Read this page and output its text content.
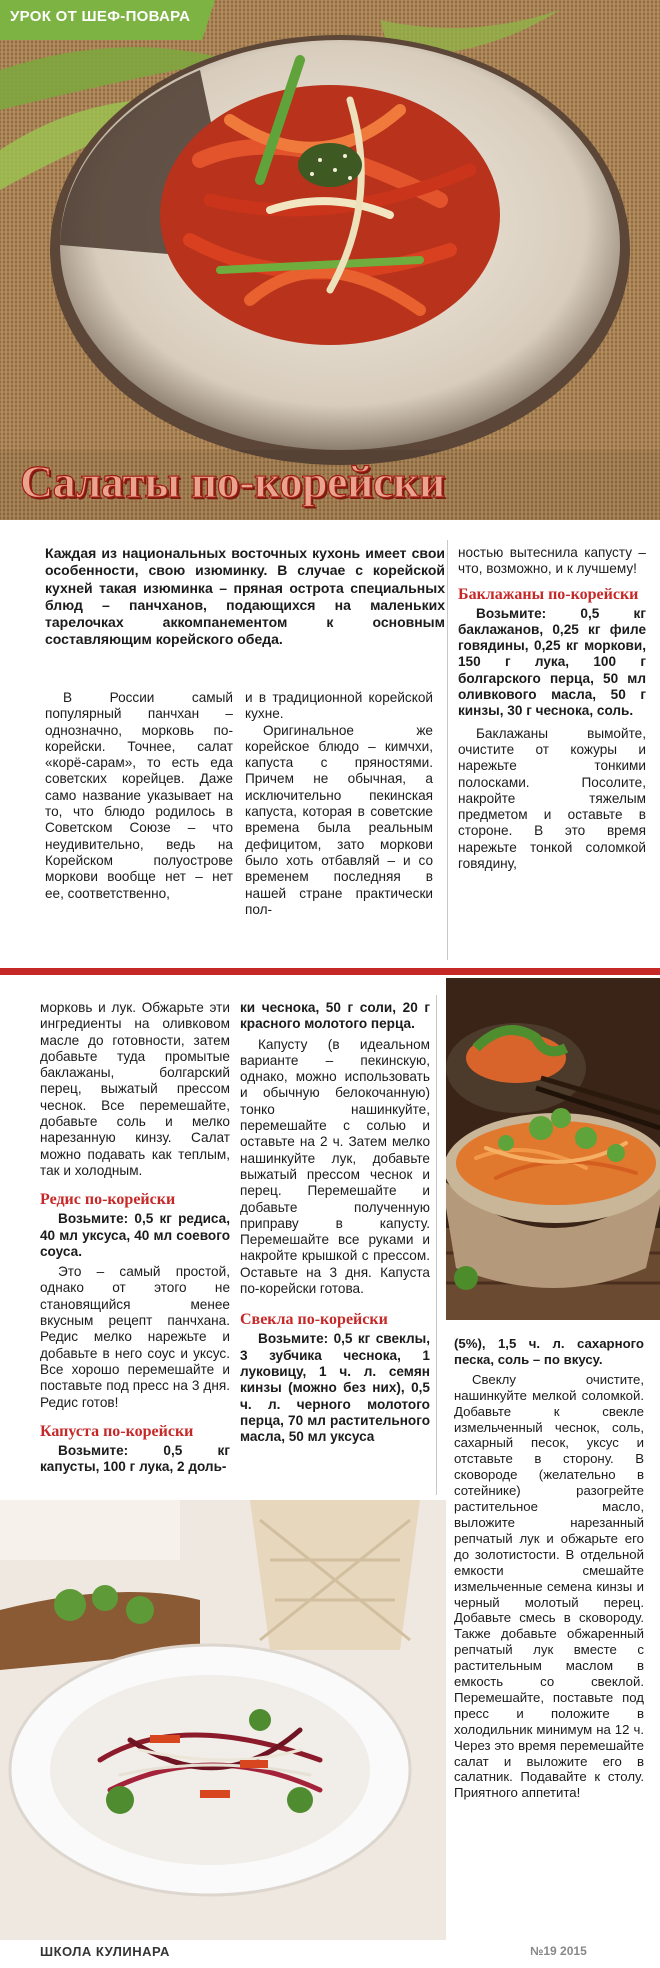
УРОК ОТ ШЕФ-ПОВАРА
Салаты по-корейски

Каждая из национальных восточных кухонь имеет свои особенности, свою изюминку. В случае с корейской кухней такая изюминка – пряная острота специальных блюд – панчханов, подающихся на маленьких тарелочках аккомпанементом к основным составляющим корейского обеда.

В России самый популярный панчхан – однозначно, морковь по-корейски. Точнее, салат «корё-сарам», то есть еда советских корейцев. Даже само название указывает на то, что блюдо родилось в Советском Союзе – что неудивительно, ведь на Корейском полуострове моркови вообще нет – нет ее, соответственно,

и в традиционной корейской кухне.

Оригинальное же корейское блюдо – кимчхи, капуста с пряностями. Причем не обычная, а исключительно пекинская капуста, которая в советские времена была реальным дефицитом, зато моркови было хоть отбавляй – и со временем последняя в нашей стране практически пол-

ностью вытеснила капусту – что, возможно, и к лучшему!

Баклажаны по-корейски

Возьмите: 0,5 кг баклажанов, 0,25 кг филе говядины, 0,25 кг моркови, 150 г лука, 100 г болгарского перца, 50 мл оливкового масла, 50 г кинзы, 30 г чеснока, соль.

Баклажаны вымойте, очистите от кожуры и нарежьте тонкими полосками. Посолите, накройте тяжелым предметом и оставьте в стороне. В это время нарежьте тонкой соломкой говядину,

морковь и лук. Обжарьте эти ингредиенты на оливковом масле до готовности, затем добавьте туда промытые баклажаны, болгарский перец, выжатый прессом чеснок. Все перемешайте, добавьте соль и мелко нарезанную кинзу. Салат можно подавать как теплым, так и холодным.

Редис по-корейски

Возьмите: 0,5 кг редиса, 40 мл уксуса, 40 мл соевого соуса.

Это – самый простой, однако от этого не становящийся менее вкусным рецепт панчхана. Редис мелко нарежьте и добавьте в него соус и уксус. Все хорошо перемешайте и поставьте под пресс на 3 дня. Редис готов!

Капуста по-корейски

Возьмите: 0,5 кг капусты, 100 г лука, 2 доль-

ки чеснока, 50 г соли, 20 г красного молотого перца.

Капусту (в идеальном варианте – пекинскую, однако, можно использовать и обычную белокочанную) тонко нашинкуйте, перемешайте с солью и оставьте на 2 ч. Затем мелко нашинкуйте лук, добавьте выжатый прессом чеснок и перец. Перемешайте и добавьте полученную приправу в капусту. Перемешайте все руками и накройте крышкой с прессом. Оставьте на 3 дня. Капуста по-корейски готова.

Свекла по-корейски

Возьмите: 0,5 кг свеклы, 3 зубчика чеснока, 1 луковицу, 1 ч. л. семян кинзы (можно без них), 0,5 ч. л. черного молотого перца, 70 мл растительного масла, 50 мл уксуса

(5%), 1,5 ч. л. сахарного песка, соль – по вкусу.

Свеклу очистите, нашинкуйте мелкой соломкой. Добавьте к свекле измельченный чеснок, соль, сахарный песок, уксус и отставьте в сторону. В сковороде (желательно в сотейнике) разогрейте растительное масло, выложите нарезанный репчатый лук и обжарьте его до золотистости. В отдельной емкости смешайте измельченные семена кинзы и черный молотый перец. Добавьте смесь в сковороду. Также добавьте обжаренный репчатый лук вместе с растительным маслом в емкость со свеклой. Перемешайте, поставьте под пресс и положите в холодильник минимум на 12 ч. Через это время перемешайте салат и выложите его в салатник. Подавайте к столу. Приятного аппетита!

ШКОЛА КУЛИНАРА	№19 2015
